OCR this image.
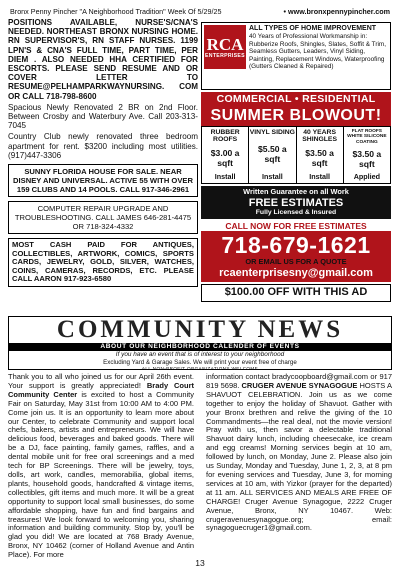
Bronx Penny Pincher "A Neighborhood Tradition" Week Of 5/29/25	• www.bronxpennypincher.com

POSITIONS AVAILABLE, NURSE'S/CNA'S NEEDED. NORTHEAST BRONX NURSING HOME. RN SUPERVISOR'S, RN STAFF NURSES. 1199 LPN'S & CNA'S FULL TIME, PART TIME, PER DIEM . ALSO NEEDED HHA CERTIFIED FOR ESCORTS. PLEASE SEND RESUME AND OR COVER LETTER TO RESUME@PELHAMPARKWAYNURSING. COM OR CALL 718-798-8600

Spacious Newly Renovated 2 BR on 2nd Floor. Between Crosby and Waterbury Ave. Call 203-313-7045

Country Club newly renovated three bedroom apartment for rent. $3200 including most utilities. (917)447-3306

SUNNY FLORIDA HOUSE FOR SALE. NEAR DISNEY AND UNIVERSAL. ACTIVE 55 WITH OVER 159 CLUBS AND 14 POOLS. CALL 917-346-2961
COMPUTER REPAIR UPGRADE AND TROUBLESHOOTING. CALL JAMES 646-281-4475 OR 718-324-4332
MOST CASH PAID FOR ANTIQUES, COLLECTIBLES, ARTWORK, COMICS, SPORTS CARDS, JEWELRY, GOLD, SILVER, WATCHES, COINS, CAMERAS, RECORDS, ETC. PLEASE CALL AARON 917-923-6580
RCA
ENTERPRISES
ALL TYPES OF HOME IMPROVEMENT
40 Years of Professional Workmanship in: Rubberize Roofs, Shingles, Slates, Soffit & Trim, Seamless Gutters, Leaders, Vinyl Siding, Painting, Replacement Windows, Waterproofing (Gutters Cleaned & Repaired)
COMMERCIAL • RESIDENTIAL
SUMMER BLOWOUT!
RUBBER ROOFS
$3.00 a sqft
Install
VINYL SIDING
$5.50 a sqft
Install
40 YEARS SHINGLES
$3.50 a sqft
Install
FLAT ROOFS WHITE SILICONE COATING
$3.50 a sqft
Applied
Written Guarantee on all Work
FREE ESTIMATES
Fully Licensed & Insured
CALL NOW FOR FREE ESTIMATES
718-679-1621
OR EMAIL US FOR A QUOTE
rcaenterprisesny@gmail.com
$100.00 OFF WITH THIS AD
COMMUNITY NEWS
ABOUT OUR NEIGHBORHOOD CALENDER OF EVENTS
If you have an event that is of interest to your neighborhood
Excluding Yard & Garage Sales. We will print your event free of charge
ALL NON-PROFIT ORGANIZATIONS WELCOME
Thank you to all who joined us for our April 26th event. Your support is greatly appreciated! Brady Court Community Center is excited to host a Community Fair on Saturday, May 31st from 10:00 AM to 4:00 PM. Come join us. It is an opportunity to learn more about our Center, to celebrate Community and support local chefs, bakers, artists and entrepreneurs. We will have delicious food, beverages and baked goods. There will be a DJ, face painting, family games, raffles, and a dental mobile unit for free oral screenings and a med tech for BP Screenings. There will be jewelry, toys, dolls, art work, candles, memorabilia, global items, plants, household goods, handcrafted & vintage items, collectibles, gift items and much more. It will be a great opportunity to support local small businesses, do some affordable shopping, have fun and find bargains and treasures! We look forward to welcoming you, sharing information and building community. Stop by, you'll be glad you did! We are located at 768 Brady Avenue, Bronx, NY 10462 (corner of Holland Avenue and Antin Place). For more
information contact bradycoopboard@gmail.com or 917 819 5698. CRUGER AVENUE SYNAGOGUE HOSTS A SHAVUOT CELEBRATION. Join us as we come together to enjoy the holiday of Shavuot. Gather with your Bronx brethren and relive the giving of the 10 Commandments—the real deal, not the movie version! Pray with us, then savor a delectable traditional Shavuot dairy lunch, including cheesecake, ice cream and egg creams! Morning services begin at 10 am, followed by lunch, on Monday, June 2. Please also join us Sunday, Monday and Tuesday, June 1, 2, 3, at 8 pm for evening services and Tuesday, June 3, for morning services at 10 am, with Yizkor (prayer for the departed) at 11 am. ALL SERVICES AND MEALS ARE FREE OF CHARGE! Cruger Avenue Synagogue, 2222 Cruger Avenue, Bronx, NY 10467. Web: crugeravenuesynagogue.org; email: synagoguecruger1@gmail.com.
13
